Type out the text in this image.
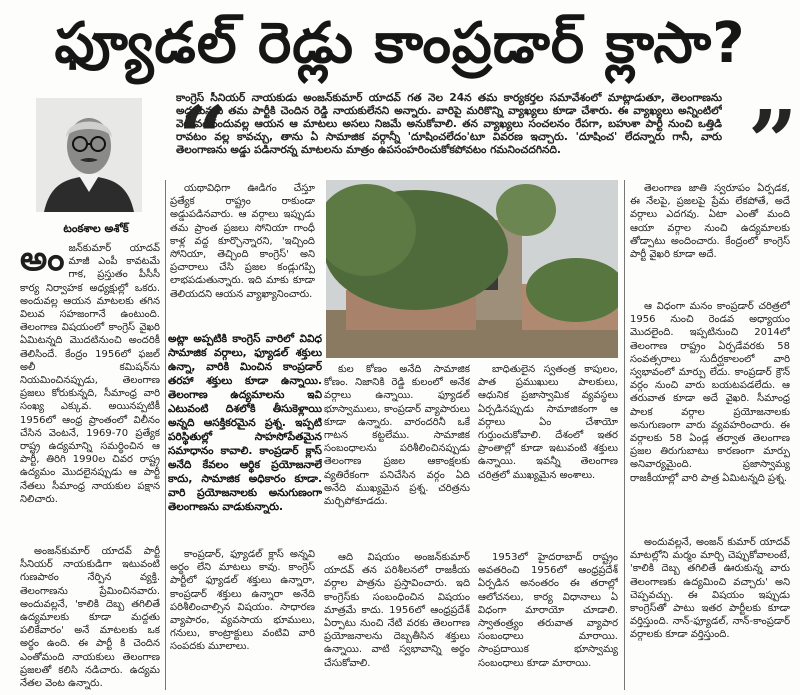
ఫ్యూడల్ రెడ్లు కాంప్రడార్ క్లాసా?
“	”
కాంగ్రెస్ సీనియర్ నాయకుడు అంజన్‌కుమార్ యాదవ్ గత నెల 24న తమ కార్యకర్తల సమావేశంలో మాట్లాడుతూ, తెలంగాణను అడ్డుకున్నది తమ పార్టీకి చెందిన రెడ్డి నాయకులేనని అన్నారు. వారిపై మరికొన్ని వ్యాఖ్యలు కూడా చేశారు. ఈ వ్యాఖ్యలు అన్నింటిలో వెలువడినందువల్ల ఆయన ఆ మాటలు అసలు నిజమే అనుకోవాలి. తన వ్యాఖ్యలు సంచలనం రేపగా, బహుశా పార్టీ నుంచి ఒత్తిడి రావటం వల్ల కావచ్చు, తాను ఏ సామాజిక వర్గాన్నీ 'దూషించలేదం'టూ వివరణ ఇచ్చారు. 'దూషించ' లేదన్నారు గానీ, వారు తెలంగాణను అడ్డు పడినారన్న మాటలను మాత్రం ఉపసంహరించుకోకపోవటం గమనించదగినది.
టంకశాల అశోక్
అం జన్‌కుమార్ యాదవ్ మాజీ ఎంపీ కావటమే గాక, ప్రస్తుతం పీసీసీ కార్య నిర్వాహక అధ్యక్షుల్లో ఒకరు. అందువల్ల ఆయన మాటలకు తగిన విలువ సహజంగానే ఉంటుంది. తెలంగాణ విషయంలో కాంగ్రెస్ వైఖరి ఏమిటన్నది మొదటినుంచి అందరికీ తెలిసిందే. కేంద్రం 1956లో ఫజల్ అలీ కమిషన్‌ను నియమించినప్పుడు, తెలంగాణ ప్రజలు కోరుకున్నది, సీమాంధ్ర వారి సంఖ్య ఎక్కువ. అయినప్పటికీ 1956లో ఆంధ్ర ప్రాంతంలో విలీనం చేసిన వెంటనే, 1969-70 ప్రత్యేక రాష్ట్ర ఉద్యమాన్ని సమర్థించిన ఆ పార్టీ, తిరిగి 1990ల చివర రాష్ట్ర ఉద్యమం మొదలైనప్పుడు ఆ పార్టీ నేతలు సీమాంధ్ర నాయకుల పక్షాన నిలిచారు.

అంజన్‌కుమార్ యాదవ్ పార్టీ సీనియర్ నాయకుడిగా ఇటువంటి గుణపాఠం నేర్పిన వ్యక్తి. తెలంగాణను ప్రేమించినవారు. అందువల్లనే, 'కాలికి దెబ్బ తగిలితే ఉద్యమాలకు కూడా మద్దతు పలికేవారం' అనే మాటలకు ఒక అర్థం ఉంది. ఈ పార్టీ కి చెందిన ఎంతోమంది నాయకులు తెలంగాణ ప్రజలతో కలిసి నడిచారు. ఉద్యమ నేతల వెంట ఉన్నారు.

యథావిధిగా ఊడిగం చేస్తూ ప్రత్యేక రాష్ట్రం రాకుండా అడ్డుపడినవారు. ఆ వర్గాలు ఇప్పుడు తమ ప్రాంత ప్రజలు సోనియా గాంధీ కాళ్ల వద్ద కూర్చొన్నారని, 'ఇచ్చింది సోనియా, తెచ్చింది కాంగ్రెస్' అని ప్రచారాలు చేసి ప్రజల కండ్లుగప్పి లాభపడుతున్నారు. ఇది మాకు కూడా తెలియదని ఆయన వ్యాఖ్యానించారు.

అట్లా అప్పటికి కాంగ్రెస్ వారిలో వివిధ సామాజిక వర్గాలు, ఫ్యూడల్ శక్తులు ఉన్నా, వారికి మించిన కాంప్రడార్ తరహా శక్తులు కూడా ఉన్నాయి. తెలంగాణ ఉద్యమాలను ఇవి ఎటువంటి దిశలోకి తీసుకెళ్లాయి అన్నది ఆసక్తికరమైన ప్రశ్న. ఇప్పటి పరిస్థితుల్లో సాహసోపేతమైన సమాధానం కావాలి. కాంప్రడార్ క్లాస్ అనేది కేవలం ఆర్థిక ప్రయోజనాలే కాదు, సామాజిక అధికారం కూడా. వారి ప్రయోజనాలకు అనుగుణంగా తెలంగాణను వాడుకున్నారు.

కాంప్రడార్, ఫ్యూడల్ క్లాస్ అన్నవి అర్థం లేని మాటలు కావు. కాంగ్రెస్ పార్టీలో ఫ్యూడల్ శక్తులు ఉన్నారా, కాంప్రడార్ శక్తులు ఉన్నారా అనేది పరిశీలించాల్సిన విషయం. సాధారణ వ్యాపారం, వ్యవసాయ భూములు, గనులు, కాంట్రాక్టులు వంటివి వారి సంపదకు మూలాలు.

కుల కోణం అనేది సామాజిక కోణం. నిజానికి రెడ్డి కులంలో అనేక వర్గాలు ఉన్నాయి. ఫ్యూడల్ భూస్వాములు, కాంప్రడార్ వ్యాపారులు కూడా ఉన్నారు. వారందరినీ ఒకే గాటన కట్టలేము. సామాజిక సంబంధాలను పరిశీలించినప్పుడు తెలంగాణ ప్రజల ఆకాంక్షలకు వ్యతిరేకంగా పనిచేసిన వర్గం ఏది అనేది ముఖ్యమైన ప్రశ్న. చరిత్రను మర్చిపోకూడదు.

ఆది విషయం అంజన్‌కుమార్ యాదవ్ తన పరిశీలనలో రాజకీయ వర్గాల పాత్రను ప్రస్తావించారు. ఇది కాంగ్రెస్‌కు సంబంధించిన విషయం మాత్రమే కాదు. 1956లో ఆంధ్రప్రదేశ్ ఏర్పాటు నుంచి నేటి వరకు తెలంగాణ ప్రయోజనాలను దెబ్బతీసిన శక్తులు ఉన్నాయి. వాటి స్వభావాన్ని అర్థం చేసుకోవాలి.

బాధితులైన స్వతంత్ర కాపులం, పాత ప్రముఖులు పాలకులు, ఆధునిక ప్రజాస్వామిక వ్యవస్థలు ఏర్పడినప్పుడు సామాజికంగా ఆ వర్గాలు ఏం చేశాయో గుర్తుంచుకోవాలి. దేశంలో ఇతర ప్రాంతాల్లో కూడా ఇటువంటి శక్తులు ఉన్నాయి. ఇవన్నీ తెలంగాణ చరిత్రలో ముఖ్యమైన అంశాలు.

1953లో హైదరాబాద్ రాష్ట్రం అవతరించి 1956లో ఆంధ్రప్రదేశ్ ఏర్పడిన అనంతరం ఈ తరాల్లో ఆలోచనలు, కార్య విధానాలు ఏ విధంగా మారాయో చూడాలి. స్వాతంత్ర్యం తరువాత వ్యాపార సంబంధాలు మారాయి. సాంప్రదాయిక భూస్వామ్య సంబంధాలు కూడా మారాయి.

తెలంగాణ జాతి స్వరూపం ఏర్పడక, ఈ నేలపై, ప్రజలపై ప్రేమ లేకపోతే, అదే వర్గాలు ఎదగవు. ఏటా ఎంతో మంది ఆయా వర్గాల నుంచి ఉద్యమాలకు తోడ్పాటు అందించారు. కేంద్రంలో కాంగ్రెస్ పార్టీ వైఖరి కూడా అదే.

ఆ విధంగా మనం కాంప్రడార్ చరిత్రలో 1956 నుంచి రెండవ అధ్యాయం మొదలైంది. ఇప్పటినుంచి 2014లో తెలంగాణ రాష్ట్రం ఏర్పడేవరకు 58 సంవత్సరాలు సుదీర్ఘకాలంలో వారి స్వభావంలో మార్పు లేదు. కాంప్రడార్ క్రౌన్ వర్గం నుంచి వారు బయటపడలేదు. ఆ తరువాత కూడా అదే వైఖరి. సీమాంధ్ర పాలక వర్గాల ప్రయోజనాలకు అనుగుణంగా వారు వ్యవహరించారు. ఈ వర్గాలకు 58 ఏండ్ల తర్వాత తెలంగాణ ప్రజల తిరుగుబాటు కారణంగా మార్పు అనివార్యమైంది. ప్రజాస్వామ్య రాజకీయాల్లో వారి పాత్ర ఏమిటన్నది ప్రశ్న.

అందువల్లనే, అంజన్ కుమార్ యాదవ్ మాటల్లోని మర్మం మార్చి చెప్పుకోవాలంటే, 'కాలికి దెబ్బ తగిలితే ఊరుకున్న వారు తెలంగాణకు ఉద్యమించి వచ్చారు' అని చెప్పవచ్చు. ఈ విషయం ఇప్పుడు కాంగ్రెస్‌తో పాటు ఇతర పార్టీలకు కూడా వర్తిస్తుంది. నాన్-ఫ్యూడల్, నాన్-కాంప్రడార్ వర్గాలకు కూడా వర్తిస్తుంది.
